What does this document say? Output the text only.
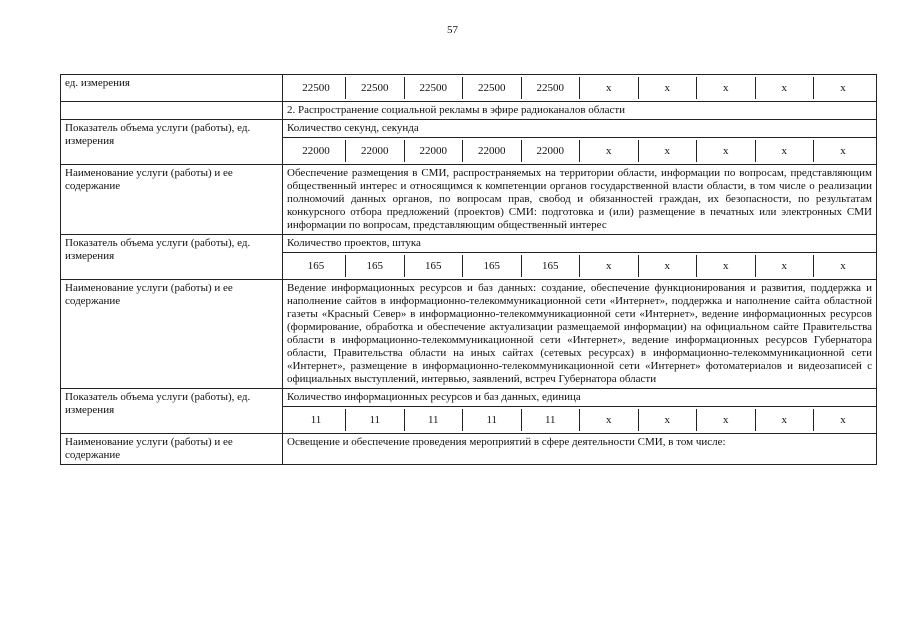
57
ед. измерения		22500	22500	22500	22500	22500	x	x	x	x	x

	2. Распространение социальной рекламы в эфире радиоканалов области
Показатель объема услуги (работы), ед. измерения	Количество секунд, секунда

22000	22000	22000	22000	22000	x	x	x	x	x

Наименование услуги (работы) и ее содержание	Обеспечение размещения в СМИ, распространяемых на территории области, информации по вопросам, представляющим общественный интерес и относящимся к компетенции органов государственной власти области, в том числе о реализации полномочий данных органов, по вопросам прав, свобод и обязанностей граждан, их безопасности, по результатам конкурсного отбора предложений (проектов) СМИ: подготовка и (или) размещение в печатных или электронных СМИ информации по вопросам, представляющим общественный интерес
Показатель объема услуги (работы), ед. измерения	Количество проектов, штука

165	165	165	165	165	x	x	x	x	x

Наименование услуги (работы) и ее содержание	Ведение информационных ресурсов и баз данных: создание, обеспечение функционирования и развития, поддержка и наполнение сайтов в информационно-телекоммуникационной сети «Интернет», поддержка и наполнение сайта областной газеты «Красный Север» в информационно-телекоммуникационной сети «Интернет», ведение информационных ресурсов (формирование, обработка и обеспечение актуализации размещаемой информации) на официальном сайте Правительства области в информационно-телекоммуникационной сети «Интернет», ведение информационных ресурсов Губернатора области, Правительства области на иных сайтах (сетевых ресурсах) в информационно-телекоммуникационной сети «Интернет», размещение в информационно-телекоммуникационной сети «Интернет» фотоматериалов и видеозаписей с официальных выступлений, интервью, заявлений, встреч Губернатора области
Показатель объема услуги (работы), ед. измерения	Количество информационных ресурсов и баз данных, единица

11	11	11	11	11	x	x	x	x	x

Наименование услуги (работы) и ее содержание	Освещение и обеспечение проведения мероприятий в сфере деятельности СМИ, в том числе:
